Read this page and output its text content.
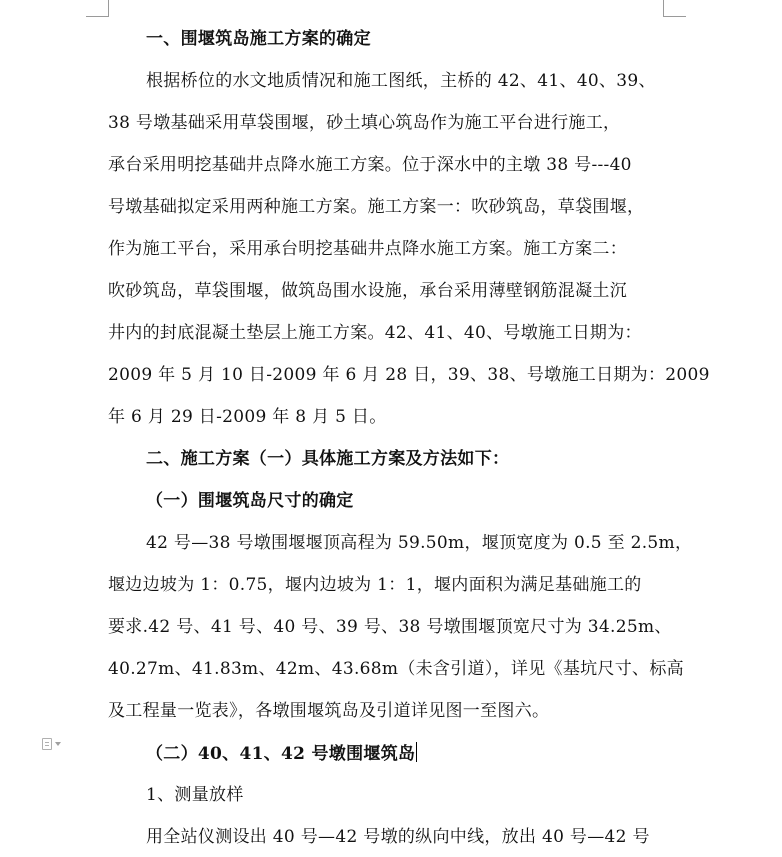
一、围堰筑岛施工方案的确定
根据桥位的水文地质情况和施工图纸，主桥的 42、41、40、39、
38 号墩基础采用草袋围堰，砂土填心筑岛作为施工平台进行施工，
承台采用明挖基础井点降水施工方案。位于深水中的主墩 38 号---40
号墩基础拟定采用两种施工方案。施工方案一：吹砂筑岛，草袋围堰，
作为施工平台，采用承台明挖基础井点降水施工方案。施工方案二：
吹砂筑岛，草袋围堰，做筑岛围水设施，承台采用薄壁钢筋混凝土沉
井内的封底混凝土垫层上施工方案。42、41、40、号墩施工日期为：
2009 年 5 月 10 日-2009 年 6 月 28 日，39、38、号墩施工日期为：2009
年 6 月 29 日-2009 年 8 月 5 日。
二、施工方案（一）具体施工方案及方法如下：
（一）围堰筑岛尺寸的确定
42 号—38 号墩围堰堰顶高程为 59.50m，堰顶宽度为 0.5 至 2.5m，
堰边边坡为 1：0.75，堰内边坡为 1：1，堰内面积为满足基础施工的
要求.42 号、41 号、40 号、39 号、38 号墩围堰顶宽尺寸为 34.25m、
40.27m、41.83m、42m、43.68m（未含引道），详见《基坑尺寸、标高
及工程量一览表》，各墩围堰筑岛及引道详见图一至图六。
（二）40、41、42 号墩围堰筑岛
1、测量放样
用全站仪测设出 40 号—42 号墩的纵向中线，放出 40 号—42 号
